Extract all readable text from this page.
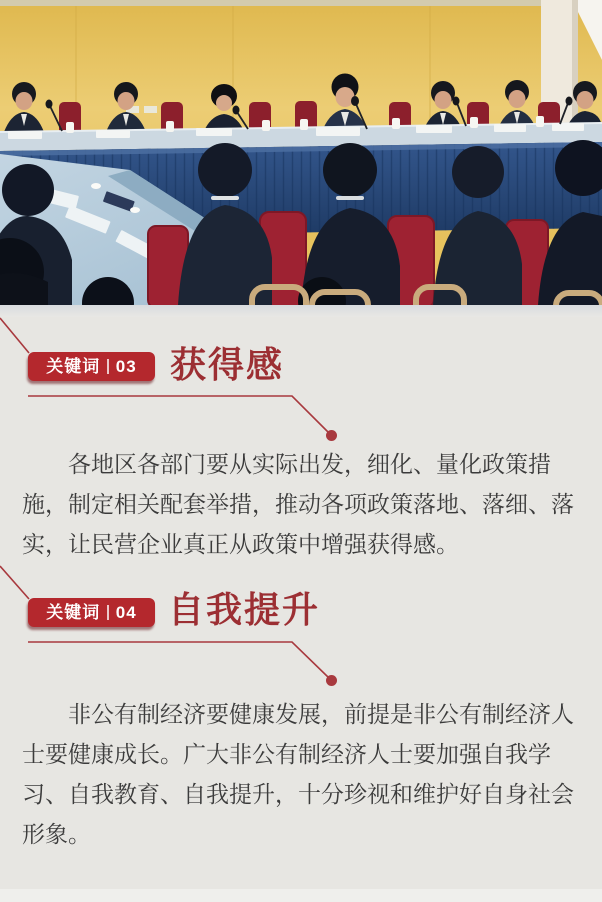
关键词 03 获得感

各地区各部门要从实际出发，细化、量化政策措施，制定相关配套举措，推动各项政策落地、落细、落实，让民营企业真正从政策中增强获得感。

关键词 04 自我提升

非公有制经济要健康发展，前提是非公有制经济人士要健康成长。广大非公有制经济人士要加强自我学习、自我教育、自我提升，十分珍视和维护好自身社会形象。
